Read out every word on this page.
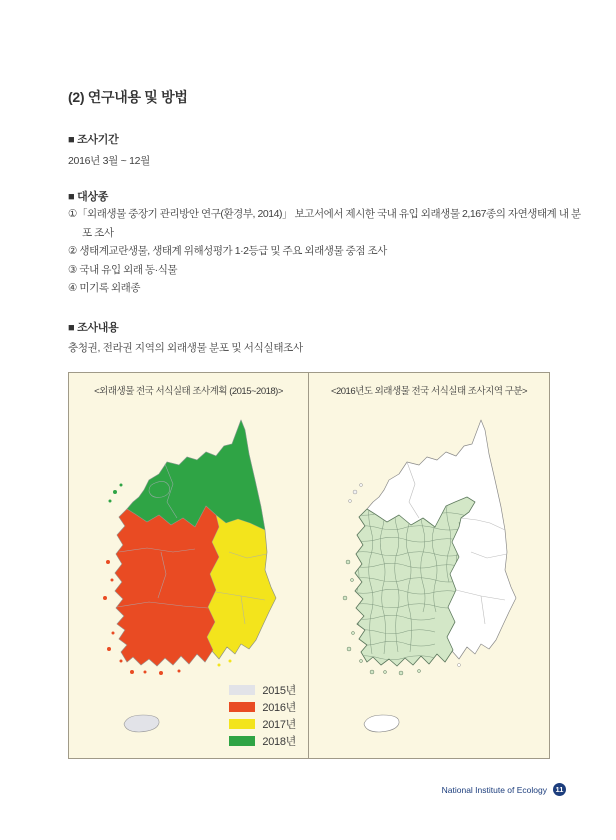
(2) 연구내용 및 방법
■ 조사기간
2016년 3월 ~ 12월
■ 대상종
①「외래생물 중장기 관리방안 연구(환경부, 2014)」 보고서에서 제시한 국내 유입 외래생물 2,167종의 자연생태계 내 분포 조사
② 생태계교란생물, 생태계 위해성평가 1·2등급 및 주요 외래생물 중점 조사
③ 국내 유입 외래 동·식물
④ 미기록 외래종
■ 조사내용
충청권, 전라권 지역의 외래생물 분포 및 서식실태조사
<외래생물 전국 서식실태 조사계획 (2015~2018)>
2015년
2016년
2017년
2018년
<2016년도 외래생물 전국 서식실태 조사지역 구분>
National Institute of Ecology	11
